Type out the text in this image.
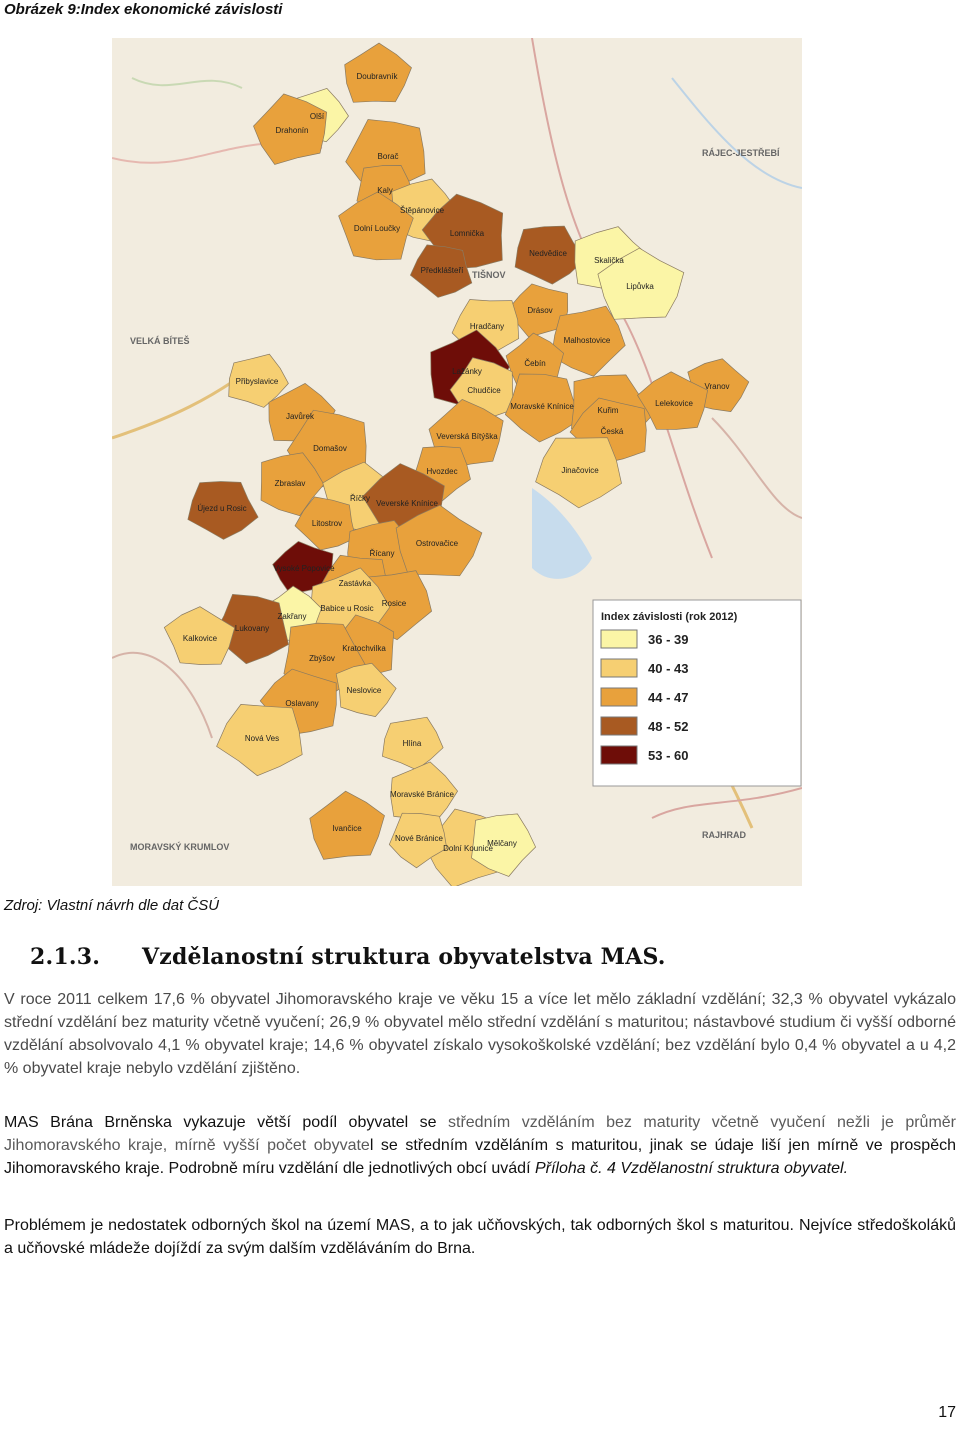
Obrázek 9:Index ekonomické závislosti
VELKÁ BÍTEŠ
TIŠNOV
RÁJEC-JESTŘEBÍ
RAJHRAD
MORAVSKÝ KRUMLOV
Olší
Doubravník
Drahonín
Borač
Kaly
Štěpánovice
Dolní Loučky
Lomnička
Předklášteří
Nedvědice
Skalička
Lipůvka
Drásov
Hradčany
Malhostovice
Lažánky
Čebín
Chudčice
Moravské Knínice	Kuřim
Vranov
Lelekovice
Česká
Jinačovice
Přibyslavice
Javůrek
Veverská Bítýška
Domašov
Hvozdec
Zbraslav
Říčky
Veverské Knínice
Litostrov
Újezd u Rosic
Řícany
Ostrovačice
Vysoké Popovice
Zastávka
Rosice
Babice u Rosic
Zakřany
Kratochvilka
Lukovany
Zbýšov
Neslovice
Kalkovice
Oslavany
Nová Ves
Hlína
Moravské Bránice
Ivančice
Dolní Kounice
Nové Bránice
Mělčany
Index závislosti (rok 2012)
36 - 39
40 - 43
44 - 47
48 - 52
53 - 60
Zdroj: Vlastní návrh dle dat ČSÚ
2.1.3. Vzdělanostní struktura obyvatelstva MAS.
V roce 2011 celkem 17,6 % obyvatel Jihomoravského kraje ve věku 15 a více let mělo základní vzdělání; 32,3 % obyvatel vykázalo střední vzdělání bez maturity včetně vyučení; 26,9 % obyvatel mělo střední vzdělání s maturitou; nástavbové studium či vyšší odborné vzdělání absolvovalo 4,1 % obyvatel kraje; 14,6 % obyvatel získalo vysokoškolské vzdělání; bez vzdělání bylo 0,4 % obyvatel a u 4,2 % obyvatel kraje nebylo vzdělání zjištěno.
MAS Brána Brněnska vykazuje větší podíl obyvatel se středním vzděláním bez maturity včetně vyučení nežli je průměr Jihomoravského kraje, mírně vyšší počet obyvatel se středním vzděláním s maturitou, jinak se údaje liší jen mírně ve prospěch Jihomoravského kraje. Podrobně míru vzdělání dle jednotlivých obcí uvádí Příloha č. 4 Vzdělanostní struktura obyvatel.
Problémem je nedostatek odborných škol na území MAS, a to jak učňovských, tak odborných škol s maturitou. Nejvíce středoškoláků a učňovské mládeže dojíždí za svým dalším vzděláváním do Brna.
17
